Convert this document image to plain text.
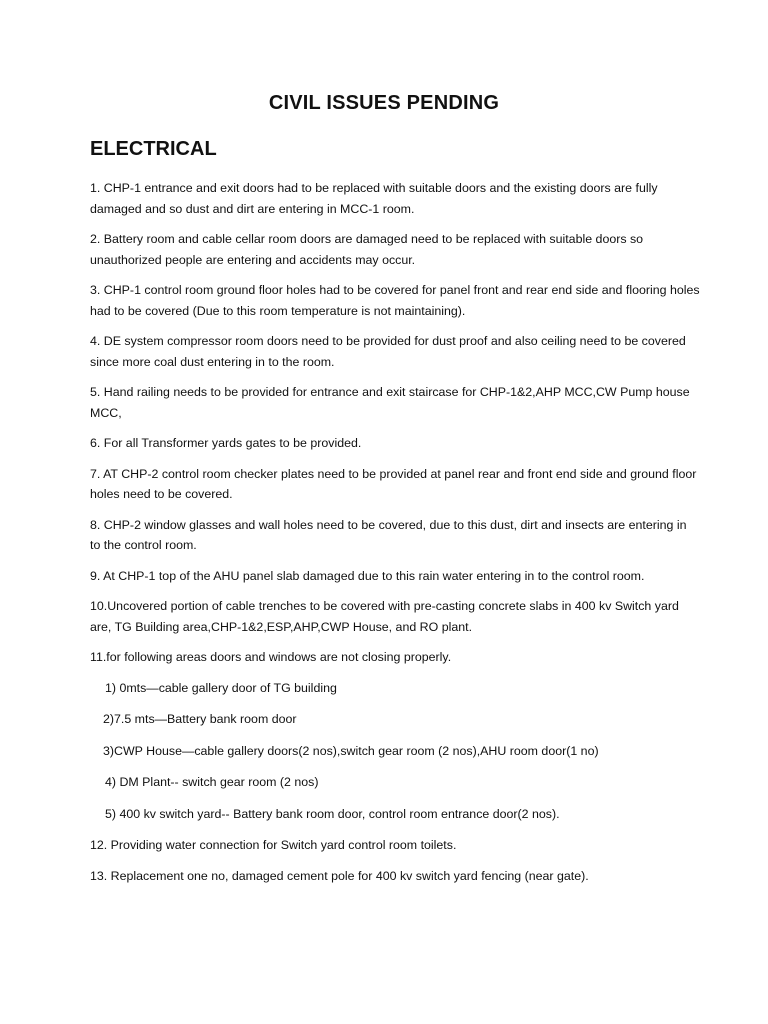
CIVIL ISSUES PENDING
ELECTRICAL

1. CHP-1 entrance and exit doors had to be replaced with suitable doors and the existing doors are fully damaged and so dust and dirt are entering in MCC-1 room.

2. Battery room and cable cellar room doors are damaged need to be replaced with suitable doors so unauthorized people are entering and accidents may occur.

3. CHP-1 control room ground floor holes had to be covered for panel front and rear end side and flooring holes had to be covered (Due to this room temperature is not maintaining).

4. DE system compressor room doors need to be provided for dust proof and also ceiling need to be covered since more coal dust entering in to the room.

5. Hand railing needs to be provided for entrance and exit staircase for CHP-1&2,AHP MCC,CW Pump house MCC,

6. For all Transformer yards gates to be provided.

7. AT CHP-2 control room checker plates need to be provided at panel rear and front end side and ground floor holes need to be covered.

8. CHP-2 window glasses and wall holes need to be covered, due to this dust, dirt and insects are entering in to the control room.

9. At CHP-1 top of the AHU panel slab damaged due to this rain water entering in to the control room.

10.Uncovered portion of cable trenches to be covered with pre-casting concrete slabs in 400 kv Switch yard are, TG Building area,CHP-1&2,ESP,AHP,CWP House, and RO plant.

11.for following areas doors and windows are not closing properly.

1) 0mts—cable gallery door of TG building

2)7.5 mts—Battery bank room door

3)CWP House—cable gallery doors(2 nos),switch gear room (2 nos),AHU room door(1 no)

4) DM Plant-- switch gear room (2 nos)

5) 400 kv switch yard-- Battery bank room door, control room entrance door(2 nos).

12. Providing water connection for Switch yard control room toilets.

13. Replacement one no, damaged cement pole for 400 kv switch yard fencing (near gate).
